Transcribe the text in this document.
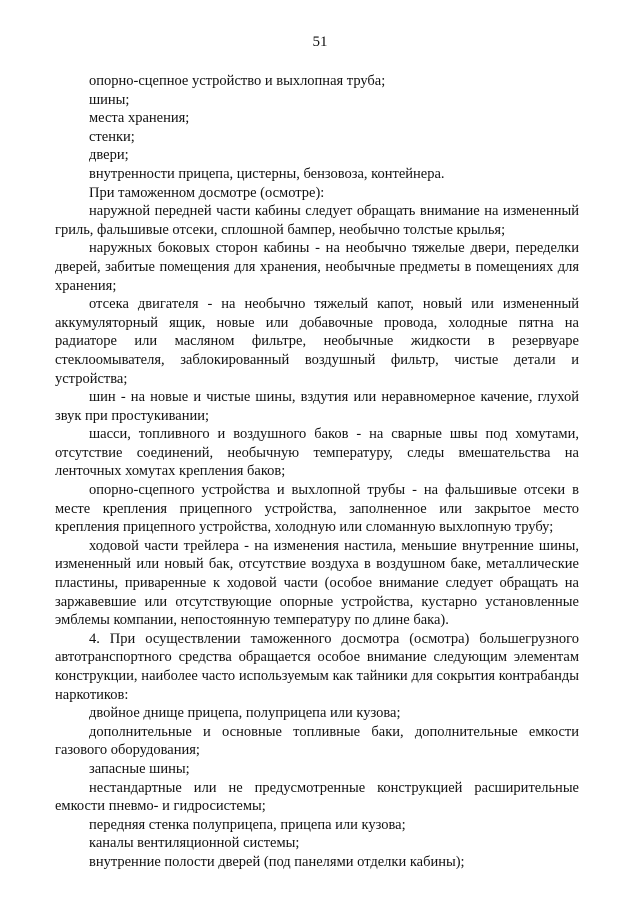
51

опорно-сцепное устройство и выхлопная труба;

шины;

места хранения;

стенки;

двери;

внутренности прицепа, цистерны, бензовоза, контейнера.

При таможенном досмотре (осмотре):

наружной передней части кабины следует обращать внимание на измененный гриль, фальшивые отсеки, сплошной бампер, необычно толстые крылья;

наружных боковых сторон кабины - на необычно тяжелые двери, переделки дверей, забитые помещения для хранения, необычные предметы в помещениях для хранения;

отсека двигателя - на необычно тяжелый капот, новый или измененный аккумуляторный ящик, новые или добавочные провода, холодные пятна на радиаторе или масляном фильтре, необычные жидкости в резервуаре стеклоомывателя, заблокированный воздушный фильтр, чистые детали и устройства;

шин - на новые и чистые шины, вздутия или неравномерное качение, глухой звук при простукивании;

шасси, топливного и воздушного баков - на сварные швы под хомутами, отсутствие соединений, необычную температуру, следы вмешательства на ленточных хомутах крепления баков;

опорно-сцепного устройства и выхлопной трубы - на фальшивые отсеки в месте крепления прицепного устройства, заполненное или закрытое место крепления прицепного устройства, холодную или сломанную выхлопную трубу;

ходовой части трейлера - на изменения настила, меньшие внутренние шины, измененный или новый бак, отсутствие воздуха в воздушном баке, металлические пластины, приваренные к ходовой части (особое внимание следует обращать на заржавевшие или отсутствующие опорные устройства, кустарно установленные эмблемы компании, непостоянную температуру по длине бака).

4. При осуществлении таможенного досмотра (осмотра) большегрузного автотранспортного средства обращается особое внимание следующим элементам конструкции, наиболее часто используемым как тайники для сокрытия контрабанды наркотиков:

двойное днище прицепа, полуприцепа или кузова;

дополнительные и основные топливные баки, дополнительные емкости газового оборудования;

запасные шины;

нестандартные или не предусмотренные конструкцией расширительные емкости пневмо- и гидросистемы;

передняя стенка полуприцепа, прицепа или кузова;

каналы вентиляционной системы;

внутренние полости дверей (под панелями отделки кабины);
